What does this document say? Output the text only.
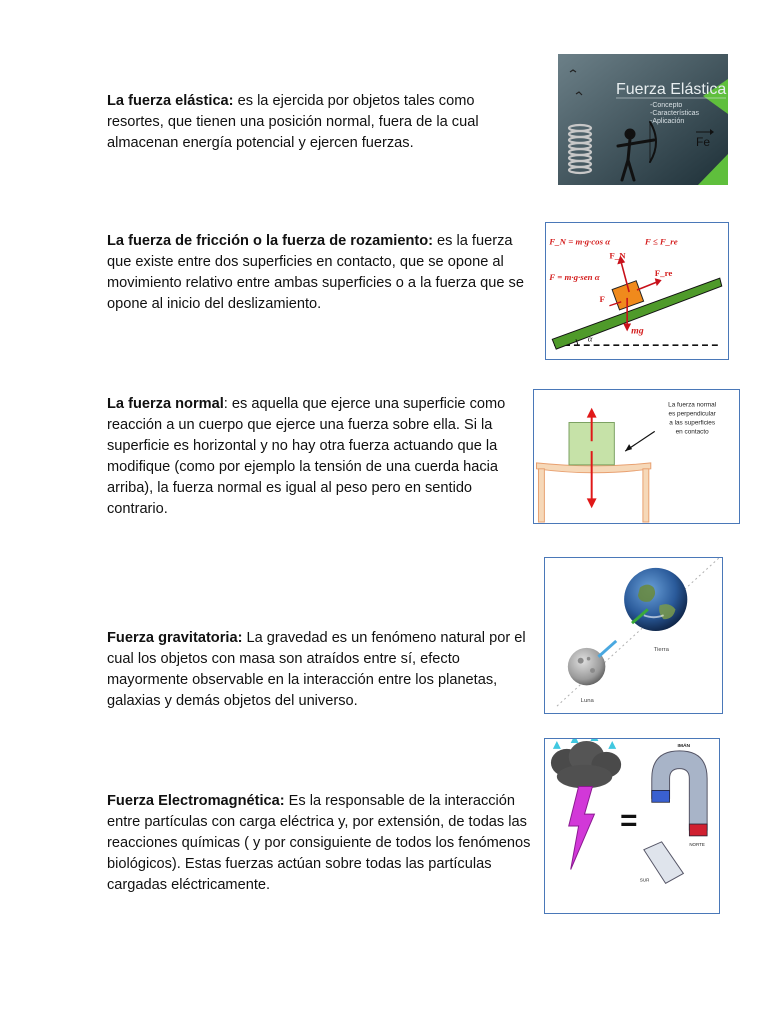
La fuerza elástica: es la ejercida por objetos tales como resortes, que tienen una posición normal, fuera de la cual almacenan energía potencial y ejercen fuerzas.
Fuerza Elástica
-Concepto
-Características
-Aplicación
Fe
La fuerza de fricción o la fuerza de rozamiento: es la fuerza que existe entre dos superficies en contacto, que se opone al movimiento relativo entre ambas superficies o a la fuerza que se opone al inicio del deslizamiento.
α
F_N = m·g·cos α
F = m·g·sen α
F ≤ F_re
F_N
F_re
F
mg
La fuerza normal: es aquella que ejerce una superficie como reacción a un cuerpo que ejerce una fuerza sobre ella. Si la superficie es horizontal y no hay otra fuerza actuando que la modifique (como por ejemplo la tensión de una cuerda hacia arriba), la fuerza normal es igual al peso pero en sentido contrario.
La fuerza normal
es perpendicular
a las superficies
en contacto
Fuerza gravitatoria: La gravedad es un fenómeno natural por el cual los objetos con masa son atraídos entre sí, efecto mayormente observable en la interacción entre los planetas, galaxias y demás objetos del universo.
Tierra
Luna
Fuerza Electromagnética: Es la responsable de la interacción entre partículas con carga eléctrica y, por extensión, de todas las reacciones químicas ( y por consiguiente de todos los fenómenos biológicos). Estas fuerzas actúan sobre todas las partículas cargadas eléctricamente.
=
IMÁN
NORTE
SUR
